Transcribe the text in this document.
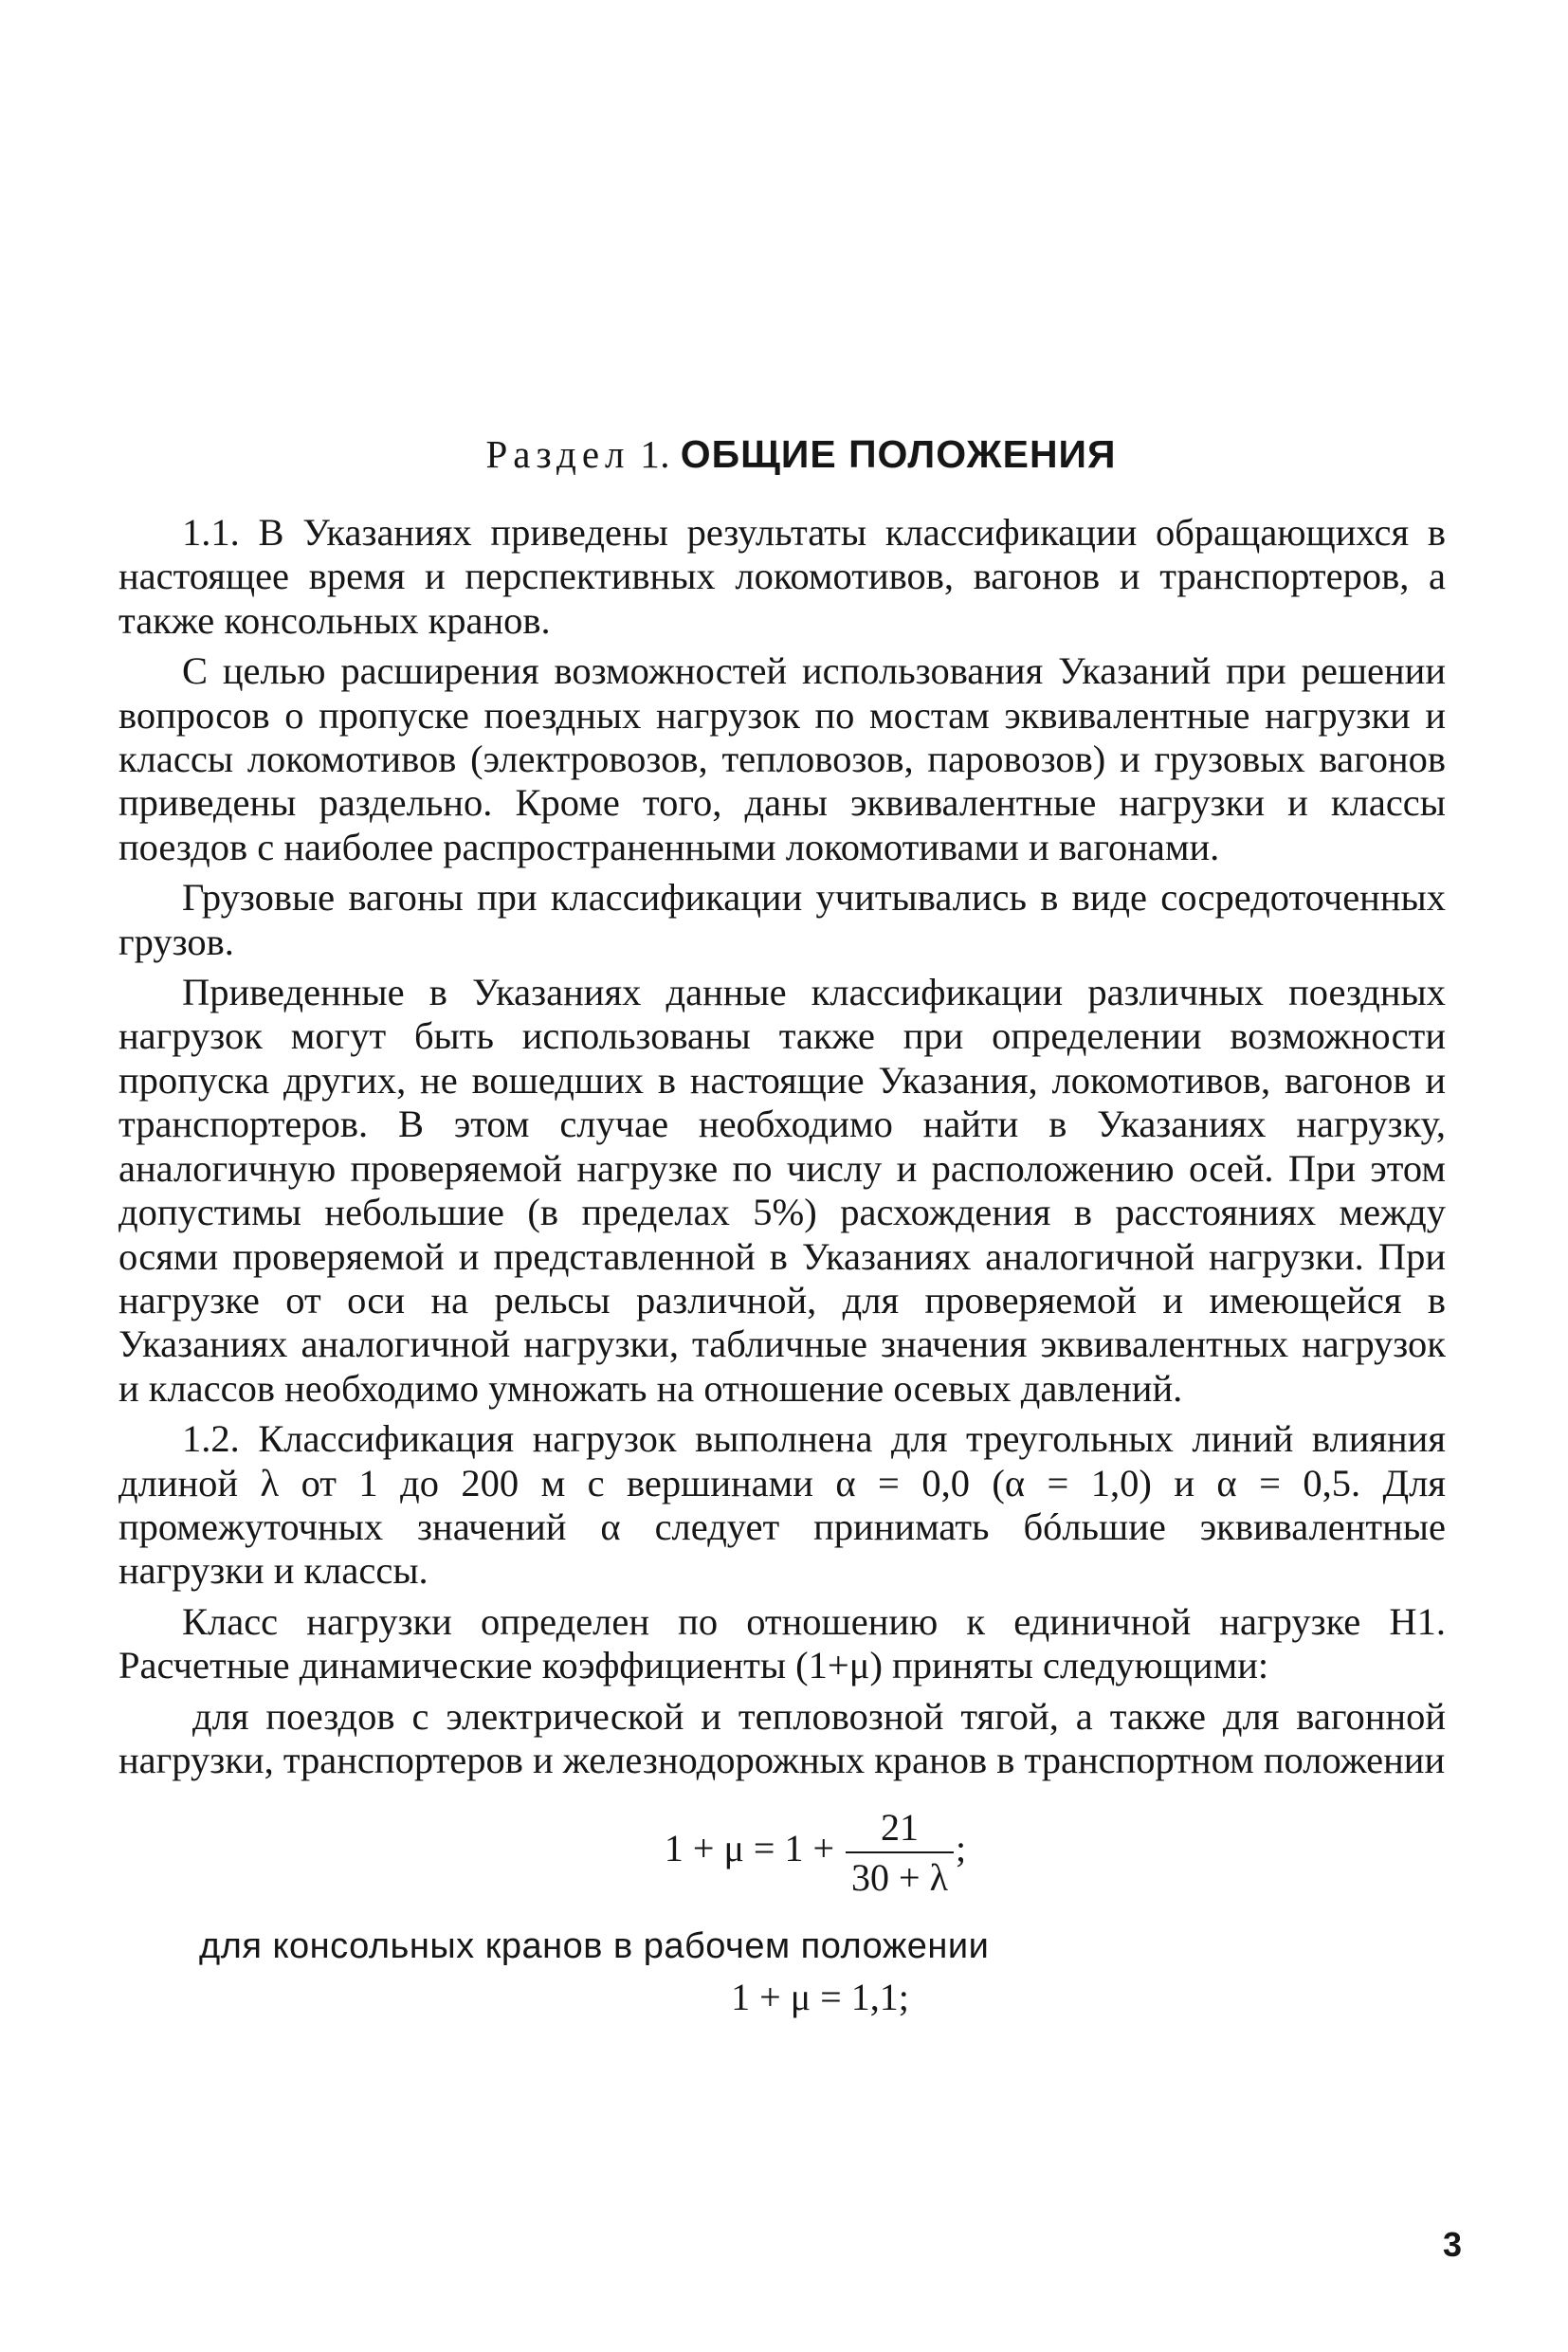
Раздел 1. ОБЩИЕ ПОЛОЖЕНИЯ

1.1. В Указаниях приведены результаты классификации обращающихся в настоящее время и перспективных локомотивов, вагонов и транспортеров, а также консольных кранов.

С целью расширения возможностей использования Указаний при решении вопросов о пропуске поездных нагрузок по мостам эквивалентные нагрузки и классы локомотивов (электровозов, тепловозов, паровозов) и грузовых вагонов приведены раздельно. Кроме того, даны эквивалентные нагрузки и классы поездов с наиболее распространенными локомотивами и вагонами.

Грузовые вагоны при классификации учитывались в виде сосредоточенных грузов.

Приведенные в Указаниях данные классификации различных поездных нагрузок могут быть использованы также при определении возможности пропуска других, не вошедших в настоящие Указания, локомотивов, вагонов и транспортеров. В этом случае необходимо найти в Указаниях нагрузку, аналогичную проверяемой нагрузке по числу и расположению осей. При этом допустимы небольшие (в пределах 5%) расхождения в расстояниях между осями проверяемой и представленной в Указаниях аналогичной нагрузки. При нагрузке от оси на рельсы различной, для проверяемой и имеющейся в Указаниях аналогичной нагрузки, табличные значения эквивалентных нагрузок и классов необходимо умножать на отношение осевых давлений.

1.2. Классификация нагрузок выполнена для треугольных линий влияния длиной λ от 1 до 200 м с вершинами α = 0,0 (α = 1,0) и α = 0,5. Для промежуточных значений α следует принимать бóльшие эквивалентные нагрузки и классы.

Класс нагрузки определен по отношению к единичной нагрузке Н1. Расчетные динамические коэффициенты (1+μ) приняты следующими:

для поездов с электрической и тепловозной тягой, а также для вагонной нагрузки, транспортеров и железнодорожных кранов в транспортном положении

$1 + \mu = 1 + \frac{21}{30 + \lambda}$ ;
для консольных кранов в рабочем положении
1 + μ = 1,1;
3
